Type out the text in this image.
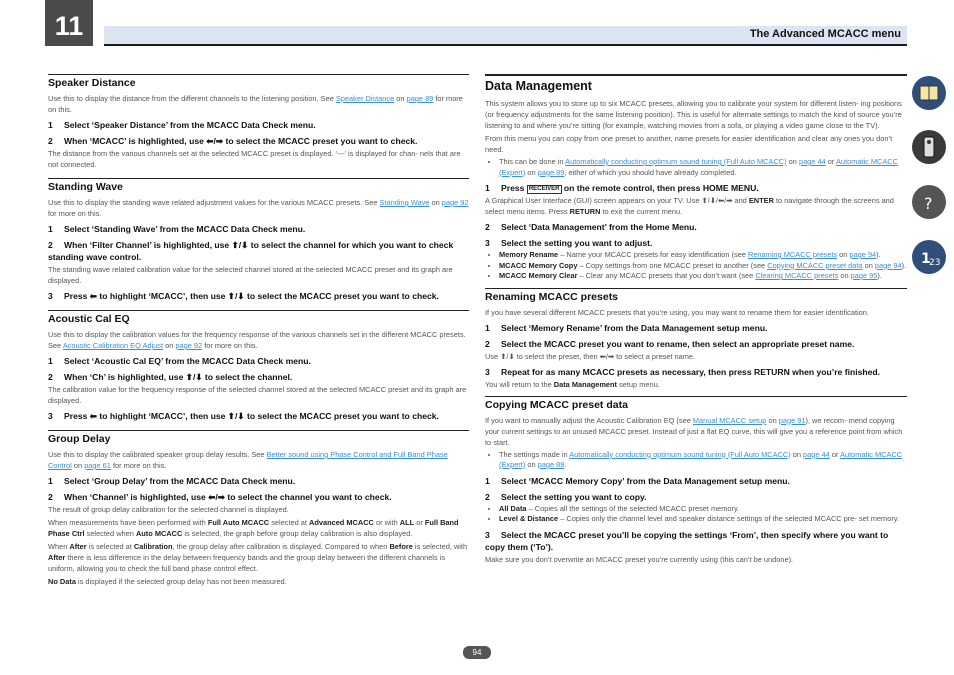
11	The Advanced MCACC menu
Speaker Distance

Use this to display the distance from the different channels to the listening position. See Speaker Distance on page 89 for more on this.

1 Select ‘Speaker Distance’ from the MCACC Data Check menu.
2 When ‘MCACC’ is highlighted, use ⬅/➡ to select the MCACC preset you want to check.

The distance from the various channels set at the selected MCACC preset is displayed. ‘---’ is displayed for chan- nels that are not connected.

Standing Wave

Use this to display the standing wave related adjustment values for the various MCACC presets. See Standing Wave on page 92 for more on this.

1 Select ‘Standing Wave’ from the MCACC Data Check menu.
2 When ‘Filter Channel’ is highlighted, use ⬆/⬇ to select the channel for which you want to check standing wave control.

The standing wave related calibration value for the selected channel stored at the selected MCACC preset and its graph are displayed.

3 Press ⬅ to highlight ‘MCACC’, then use ⬆/⬇ to select the MCACC preset you want to check.
Acoustic Cal EQ

Use this to display the calibration values for the frequency response of the various channels set in the different MCACC presets. See Acoustic Calibration EQ Adjust on page 92 for more on this.

1 Select ‘Acoustic Cal EQ’ from the MCACC Data Check menu.
2 When ‘Ch’ is highlighted, use ⬆/⬇ to select the channel.

The calibration value for the frequency response of the selected channel stored at the selected MCACC preset and its graph are displayed.

3 Press ⬅ to highlight ‘MCACC’, then use ⬆/⬇ to select the MCACC preset you want to check.
Group Delay

Use this to display the calibrated speaker group delay results. See Better sound using Phase Control and Full Band Phase Control on page 61 for more on this.

1 Select ‘Group Delay’ from the MCACC Data Check menu.
2 When ‘Channel’ is highlighted, use ⬅/➡ to select the channel you want to check.

The result of group delay calibration for the selected channel is displayed.

When measurements have been performed with Full Auto MCACC selected at Advanced MCACC or with ALL or Full Band Phase Ctrl selected when Auto MCACC is selected, the graph before group delay calibration is also displayed.

When After is selected at Calibration, the group delay after calibration is displayed. Compared to when Before is selected, with After there is less difference in the delay between frequency bands and the group delay between the different channels is uniform, allowing you to check the full band phase control effect.

No Data is displayed if the selected group delay has not been measured.

Data Management

This system allows you to store up to six MCACC presets, allowing you to calibrate your system for different listen- ing positions (or frequency adjustments for the same listening position). This is useful for alternate settings to match the kind of source you’re listening to and where you’re sitting (for example, watching movies from a sofa, or playing a video game close to the TV).

From this menu you can copy from one preset to another, name presets for easier identification and clear any ones you don’t need.

• This can be done in Automatically conducting optimum sound tuning (Full Auto MCACC) on page 44 or Automatic MCACC (Expert) on page 89, either of which you should have already completed.
1 Press RECEIVER on the remote control, then press HOME MENU.

A Graphical User Interface (GUI) screen appears on your TV. Use ⬆/⬇/⬅/➡ and ENTER to navigate through the screens and select menu items. Press RETURN to exit the current menu.

2 Select ‘Data Management’ from the Home Menu.
3 Select the setting you want to adjust.
• Memory Rename – Name your MCACC presets for easy identification (see Renaming MCACC presets on page 94).
• MCACC Memory Copy – Copy settings from one MCACC preset to another (see Copying MCACC preset data on page 94).
• MCACC Memory Clear – Clear any MCACC presets that you don’t want (see Clearing MCACC presets on page 95).
Renaming MCACC presets

If you have several different MCACC presets that you’re using, you may want to rename them for easier identification.

1 Select ‘Memory Rename’ from the Data Management setup menu.
2 Select the MCACC preset you want to rename, then select an appropriate preset name.

Use ⬆/⬇ to select the preset, then ⬅/➡ to select a preset name.

3 Repeat for as many MCACC presets as necessary, then press RETURN when you’re finished.

You will return to the Data Management setup menu.

Copying MCACC preset data

If you want to manually adjust the Acoustic Calibration EQ (see Manual MCACC setup on page 91), we recom- mend copying your current settings to an unused MCACC preset. Instead of just a flat EQ curve, this will give you a reference point from which to start.

• The settings made in Automatically conducting optimum sound tuning (Full Auto MCACC) on page 44 or Automatic MCACC (Expert) on page 89.
1 Select ‘MCACC Memory Copy’ from the Data Management setup menu.
2 Select the setting you want to copy.
• All Data – Copies all the settings of the selected MCACC preset memory.
• Level & Distance – Copies only the channel level and speaker distance settings of the selected MCACC pre- set memory.
3 Select the MCACC preset you’ll be copying the settings ‘From’, then specify where you want to copy them (‘To’).

Make sure you don’t overwrite an MCACC preset you’re currently using (this can’t be undone).

?
1
23
94
